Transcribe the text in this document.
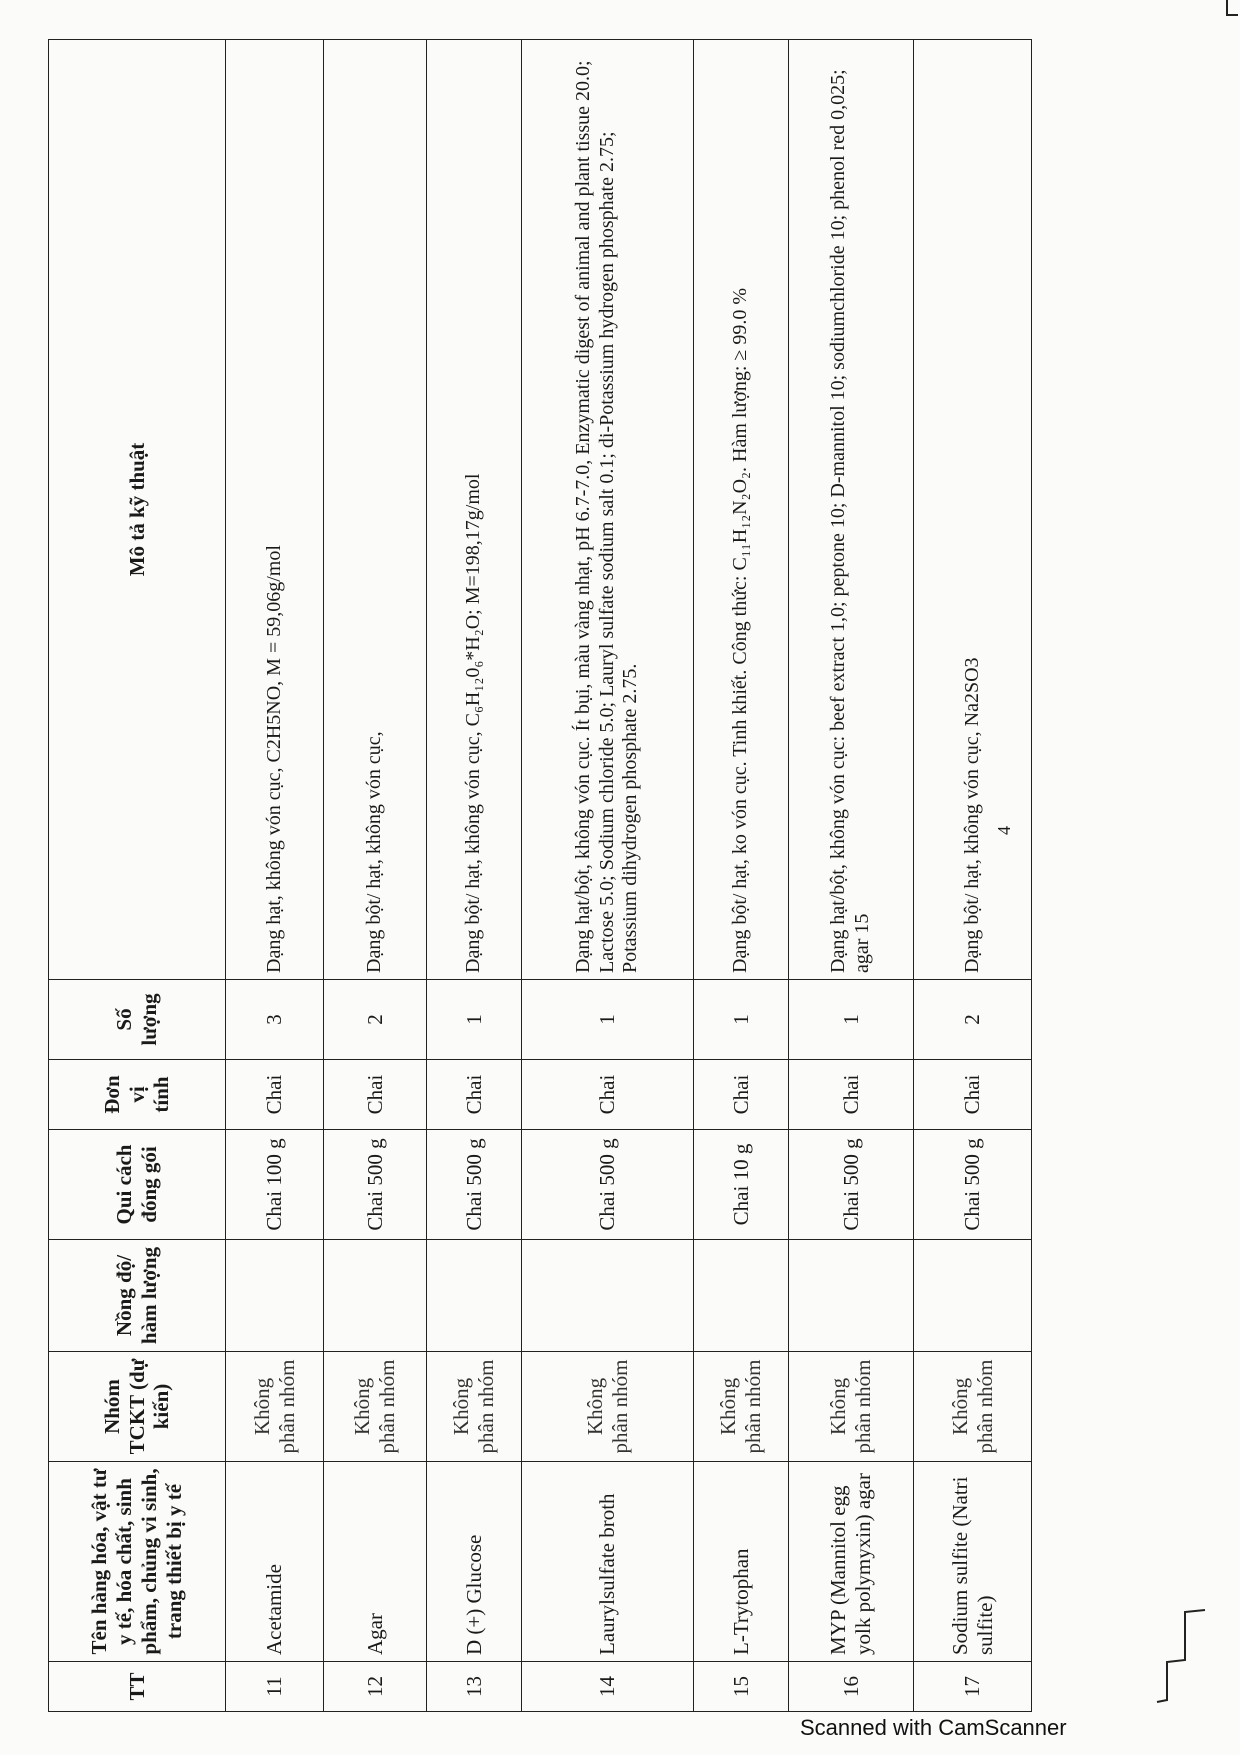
TT	Tên hàng hóa, vật tư y tế, hóa chất, sinh phẩm, chủng vi sinh, trang thiết bị y tế	Nhóm TCKT (dự kiến)	Nồng độ/ hàm lượng	Qui cách đóng gói	Đơn vị tính	Số lượng	Mô tả kỹ thuật
11	Acetamide	Không phân nhóm		Chai 100 g	Chai	3	Dạng hạt, không vón cục, C2H5NO, M = 59,06g/mol
12	Agar	Không phân nhóm		Chai 500 g	Chai	2	Dạng bột/ hạt, không vón cục,
13	D (+) Glucose	Không phân nhóm		Chai 500 g	Chai	1	Dạng bột/ hạt, không vón cục, C₆H₁₂0₆*H₂O; M=198,17g/mol
14	Laurylsulfate broth	Không phân nhóm		Chai 500 g	Chai	1	Dạng hạt/bột, không vón cục. Ít bụi, màu vàng nhạt, pH 6.7-7.0, Enzymatic digest of animal and plant tissue 20.0; Lactose 5.0; Sodium chloride 5.0; Lauryl sulfate sodium salt 0.1; di-Potassium hydrogen phosphate 2.75; Potassium dihydrogen phosphate 2.75.
15	L-Trytophan	Không phân nhóm		Chai 10 g	Chai	1	Dạng bột/ hạt, ko vón cục. Tinh khiết. Công thức: C₁₁H₁₂N₂O₂. Hàm lượng: ≥ 99.0 %
16	MYP (Mannitol egg yolk polymyxin) agar	Không phân nhóm		Chai 500 g	Chai	1	Dạng hạt/bột, không vón cục: beef extract 1,0; peptone 10; D-mannitol 10; sodiumchloride 10; phenol red 0,025; agar 15
17	Sodium sulfite (Natri sulfite)	Không phân nhóm		Chai 500 g	Chai	2	Dạng bột/ hạt, không vón cục, Na2SO3 4
Scanned with CamScanner
